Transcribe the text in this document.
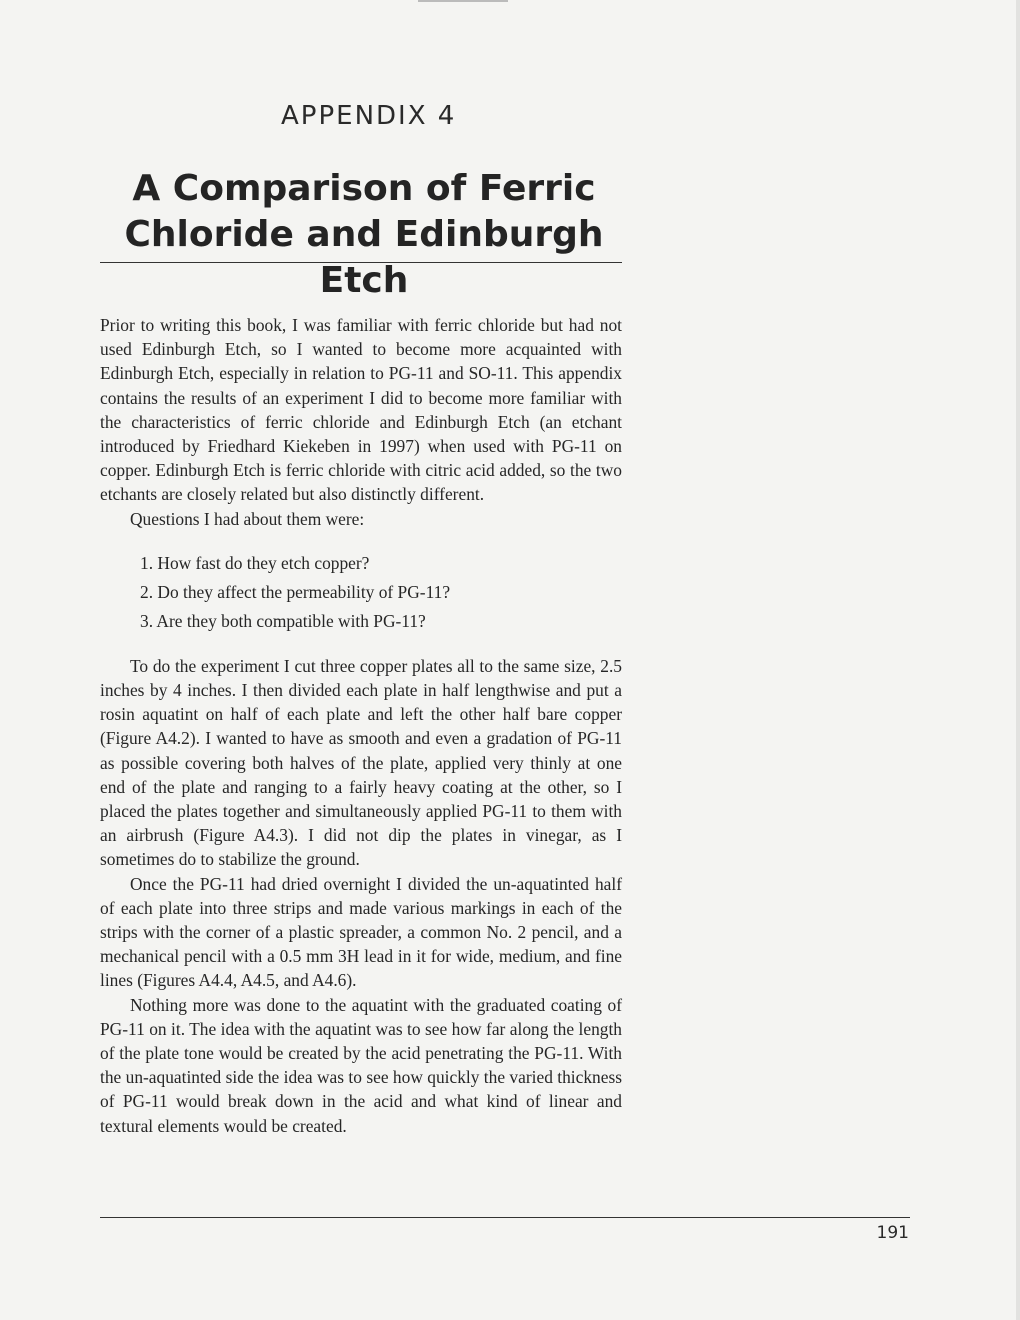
APPENDIX 4
A Comparison of Ferric
Chloride and Edinburgh Etch

Prior to writing this book, I was familiar with ferric chloride but had not used Edinburgh Etch, so I wanted to become more acquainted with Edinburgh Etch, especially in relation to PG-11 and SO-11. This appendix contains the results of an experiment I did to become more familiar with the characteristics of ferric chloride and Edinburgh Etch (an etchant introduced by Friedhard Kiekeben in 1997) when used with PG-11 on copper. Edinburgh Etch is ferric chloride with citric acid added, so the two etchants are closely related but also distinctly different.

Questions I had about them were:

1. How fast do they etch copper?
2. Do they affect the permeability of PG-11?
3. Are they both compatible with PG-11?

To do the experiment I cut three copper plates all to the same size, 2.5 inches by 4 inches. I then divided each plate in half lengthwise and put a rosin aquatint on half of each plate and left the other half bare copper (Figure A4.2). I wanted to have as smooth and even a gradation of PG-11 as possible covering both halves of the plate, applied very thinly at one end of the plate and ranging to a fairly heavy coating at the other, so I placed the plates together and simultaneously applied PG-11 to them with an airbrush (Figure A4.3). I did not dip the plates in vinegar, as I sometimes do to stabilize the ground.

Once the PG-11 had dried overnight I divided the un-aquatinted half of each plate into three strips and made various markings in each of the strips with the corner of a plastic spreader, a common No. 2 pencil, and a mechanical pencil with a 0.5 mm 3H lead in it for wide, medium, and fine lines (Figures A4.4, A4.5, and A4.6).

Nothing more was done to the aquatint with the graduated coating of PG-11 on it. The idea with the aquatint was to see how far along the length of the plate tone would be created by the acid penetrating the PG-11. With the un-aquatinted side the idea was to see how quickly the varied thickness of PG-11 would break down in the acid and what kind of linear and textural elements would be created.

191
